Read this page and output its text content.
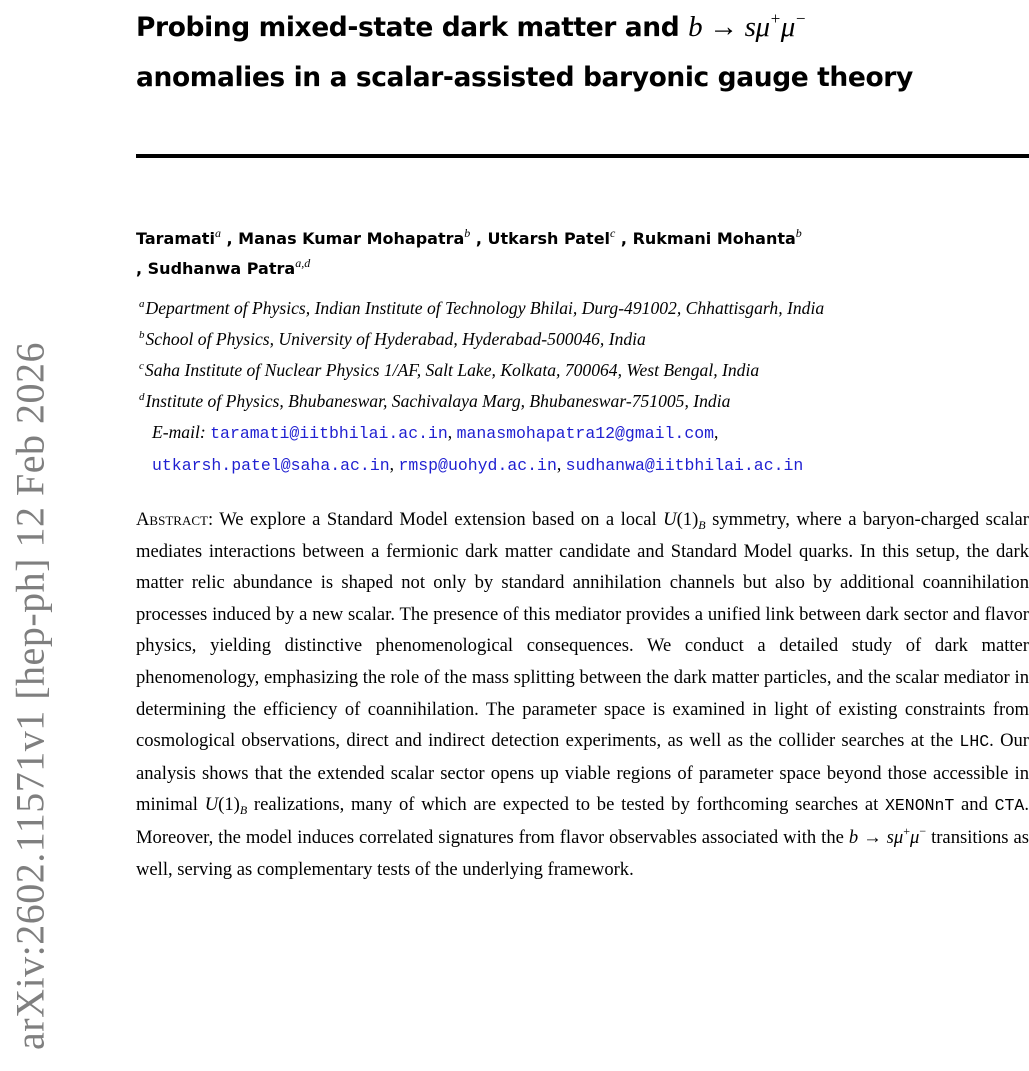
arXiv:2602.11571v1 [hep-ph] 12 Feb 2026
Probing mixed-state dark matter and b → sμ+μ−
anomalies in a scalar-assisted baryonic gauge theory
Taramati$^a$ , Manas Kumar Mohapatra$^b$ , Utkarsh Patel$^c$ , Rukmani Mohanta$^b$
, Sudhanwa Patra$^{a,d}$
$^a$Department of Physics, Indian Institute of Technology Bhilai, Durg-491002, Chhattisgarh, India
$^b$School of Physics, University of Hyderabad, Hyderabad-500046, India
$^c$Saha Institute of Nuclear Physics 1/AF, Salt Lake, Kolkata, 700064, West Bengal, India
$^d$Institute of Physics, Bhubaneswar, Sachivalaya Marg, Bhubaneswar-751005, India
E-mail: taramati@iitbhilai.ac.in, manasmohapatra12@gmail.com,
utkarsh.patel@saha.ac.in, rmsp@uohyd.ac.in, sudhanwa@iitbhilai.ac.in
Abstract: We explore a Standard Model extension based on a local $U(1)_B$ symmetry, where a baryon-charged scalar mediates interactions between a fermionic dark matter candidate and Standard Model quarks. In this setup, the dark matter relic abundance is shaped not only by standard annihilation channels but also by additional coannihilation processes induced by a new scalar. The presence of this mediator provides a unified link between dark sector and flavor physics, yielding distinctive phenomenological consequences. We conduct a detailed study of dark matter phenomenology, emphasizing the role of the mass splitting between the dark matter particles, and the scalar mediator in determining the efficiency of coannihilation. The parameter space is examined in light of existing constraints from cosmological observations, direct and indirect detection experiments, as well as the collider searches at the LHC. Our analysis shows that the extended scalar sector opens up viable regions of parameter space beyond those accessible in minimal $U(1)_B$ realizations, many of which are expected to be tested by forthcoming searches at XENONnT and CTA. Moreover, the model induces correlated signatures from flavor observables associated with the b → sμ+μ− transitions as well, serving as complementary tests of the underlying framework.
